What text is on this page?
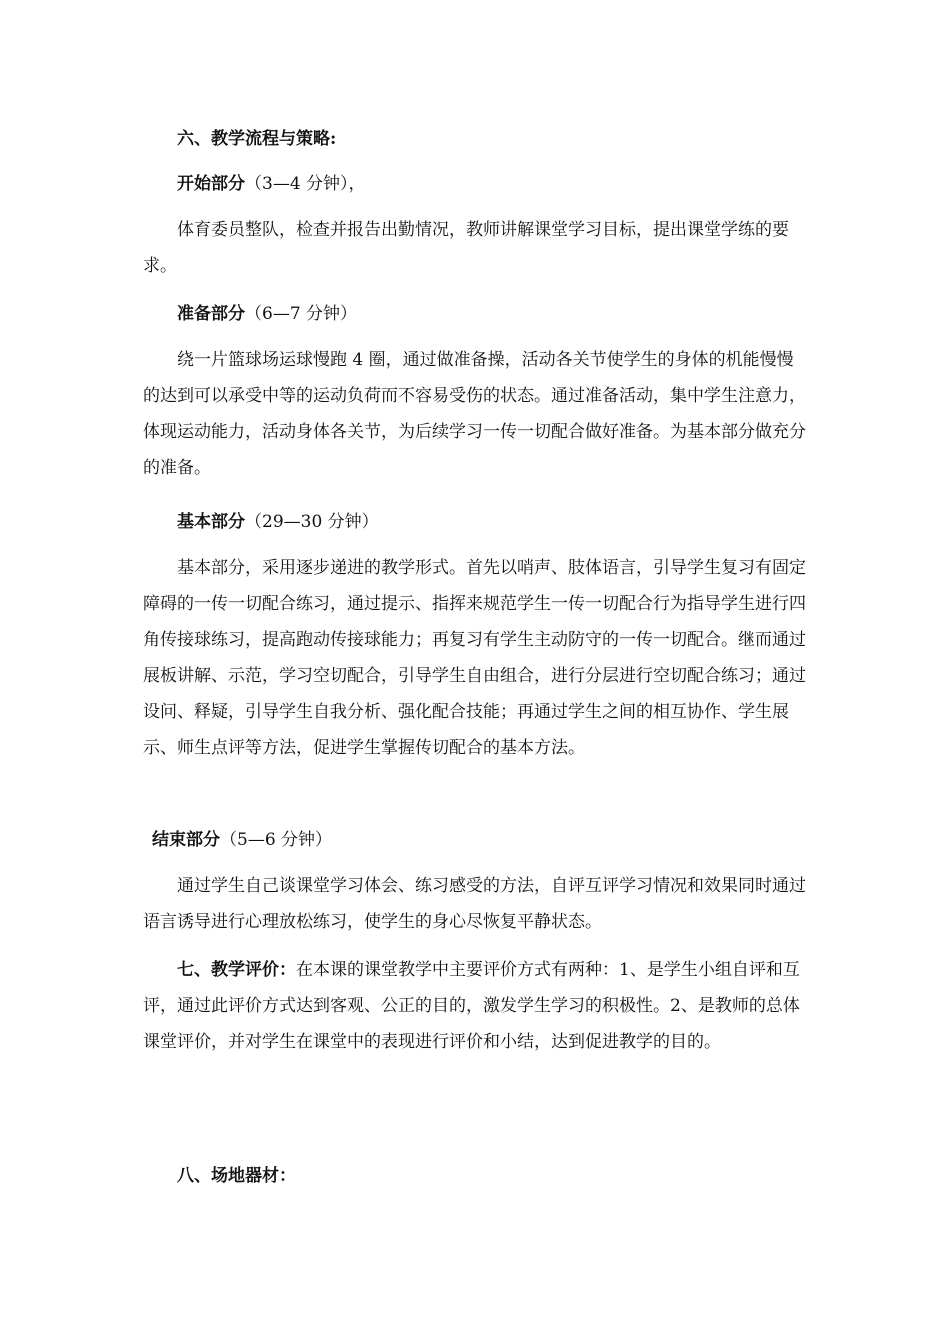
六、教学流程与策略:

开始部分（3—4 分钟），

体育委员整队，检查并报告出勤情况，教师讲解课堂学习目标，提出课堂学练的要求。

准备部分（6—7 分钟）

绕一片篮球场运球慢跑 4 圈，通过做准备操，活动各关节使学生的身体的机能慢慢的达到可以承受中等的运动负荷而不容易受伤的状态。通过准备活动，集中学生注意力，体现运动能力，活动身体各关节，为后续学习一传一切配合做好准备。为基本部分做充分的准备。

基本部分（29—30 分钟）

基本部分，采用逐步递进的教学形式。首先以哨声、肢体语言，引导学生复习有固定障碍的一传一切配合练习，通过提示、指挥来规范学生一传一切配合行为指导学生进行四角传接球练习，提高跑动传接球能力；再复习有学生主动防守的一传一切配合。继而通过展板讲解、示范，学习空切配合，引导学生自由组合，进行分层进行空切配合练习；通过设问、释疑，引导学生自我分析、强化配合技能；再通过学生之间的相互协作、学生展示、师生点评等方法，促进学生掌握传切配合的基本方法。

结束部分（5—6 分钟）

通过学生自己谈课堂学习体会、练习感受的方法，自评互评学习情况和效果同时通过语言诱导进行心理放松练习，使学生的身心尽恢复平静状态。

七、教学评价：在本课的课堂教学中主要评价方式有两种：1、是学生小组自评和互评，通过此评价方式达到客观、公正的目的，激发学生学习的积极性。2、是教师的总体课堂评价，并对学生在课堂中的表现进行评价和小结，达到促进教学的目的。

八、场地器材：
